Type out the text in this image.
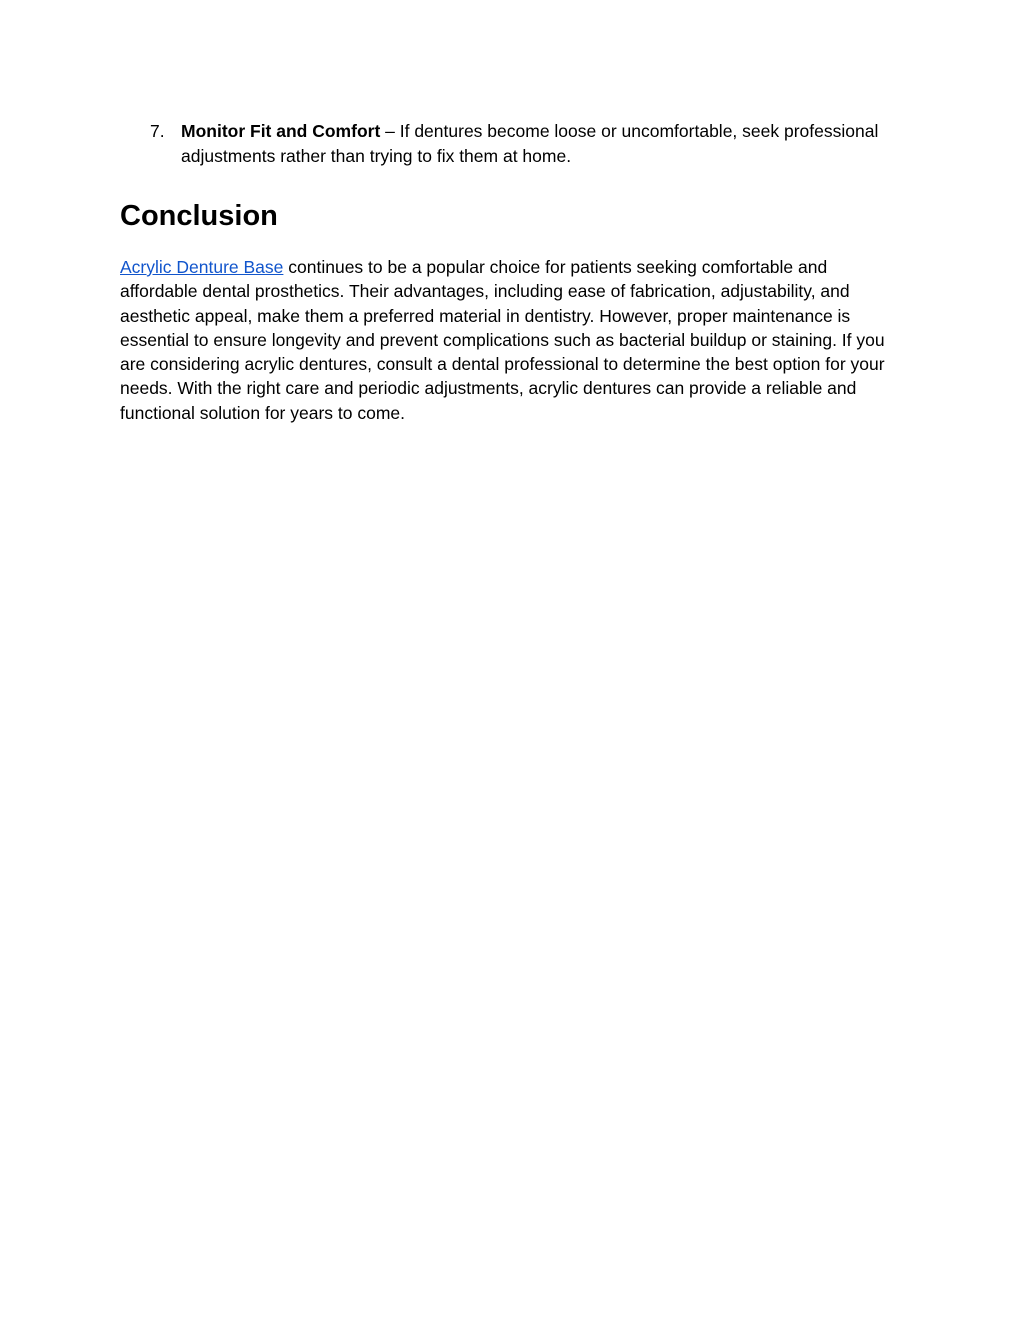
7. Monitor Fit and Comfort – If dentures become loose or uncomfortable, seek professional adjustments rather than trying to fix them at home.
Conclusion

Acrylic Denture Base continues to be a popular choice for patients seeking comfortable and affordable dental prosthetics. Their advantages, including ease of fabrication, adjustability, and aesthetic appeal, make them a preferred material in dentistry. However, proper maintenance is essential to ensure longevity and prevent complications such as bacterial buildup or staining. If you are considering acrylic dentures, consult a dental professional to determine the best option for your needs. With the right care and periodic adjustments, acrylic dentures can provide a reliable and functional solution for years to come.
